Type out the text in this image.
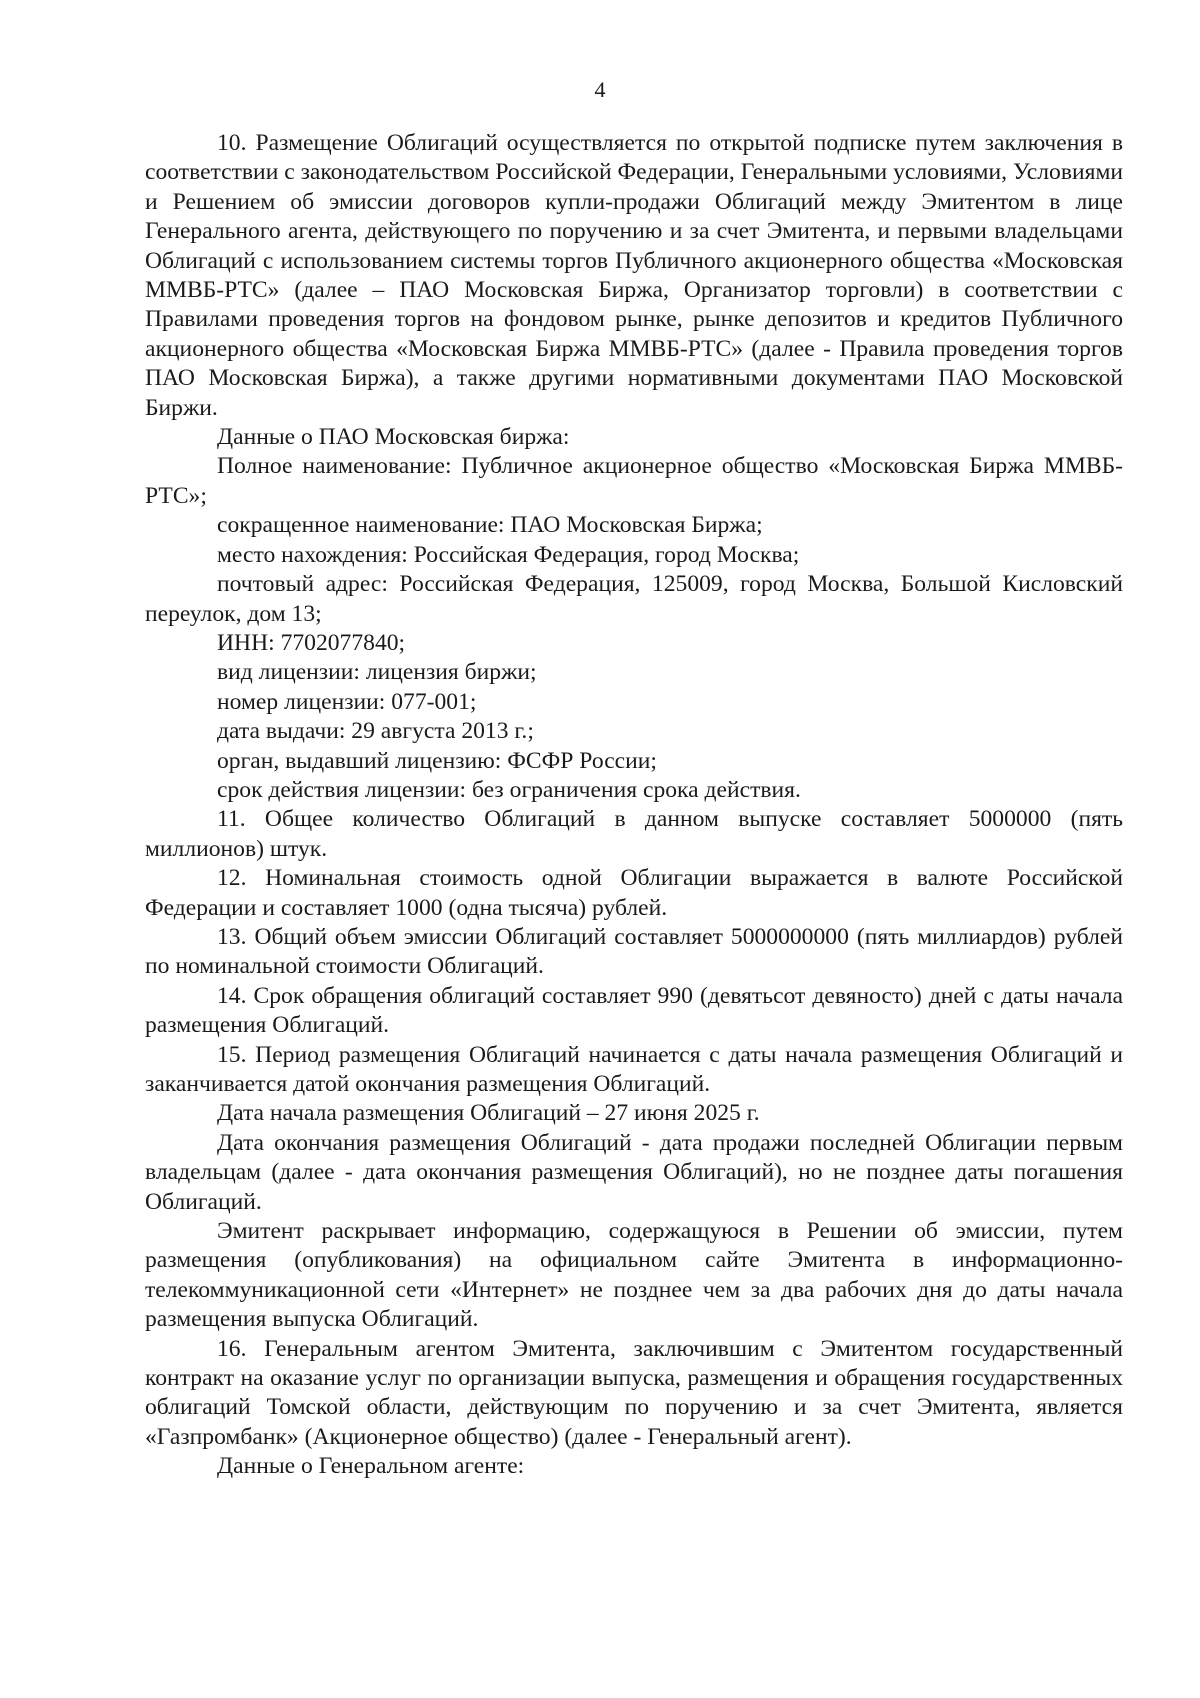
4

10. Размещение Облигаций осуществляется по открытой подписке путем заключения в соответствии с законодательством Российской Федерации, Генеральными условиями, Условиями и Решением об эмиссии договоров купли-продажи Облигаций между Эмитентом в лице Генерального агента, действующего по поручению и за счет Эмитента, и первыми владельцами Облигаций с использованием системы торгов Публичного акционерного общества «Московская ММВБ-РТС» (далее – ПАО Московская Биржа, Организатор торговли) в соответствии с Правилами проведения торгов на фондовом рынке, рынке депозитов и кредитов Публичного акционерного общества «Московская Биржа ММВБ-РТС» (далее - Правила проведения торгов ПАО Московская Биржа), а также другими нормативными документами ПАО Московской Биржи.

Данные о ПАО Московская биржа:

Полное наименование: Публичное акционерное общество «Московская Биржа ММВБ-РТС»;

сокращенное наименование: ПАО Московская Биржа;

место нахождения: Российская Федерация, город Москва;

почтовый адрес: Российская Федерация, 125009, город Москва, Большой Кисловский переулок, дом 13;

ИНН: 7702077840;

вид лицензии: лицензия биржи;

номер лицензии: 077-001;

дата выдачи: 29 августа 2013 г.;

орган, выдавший лицензию: ФСФР России;

срок действия лицензии: без ограничения срока действия.

11. Общее количество Облигаций в данном выпуске составляет 5000000 (пять миллионов) штук.

12. Номинальная стоимость одной Облигации выражается в валюте Российской Федерации и составляет 1000 (одна тысяча) рублей.

13. Общий объем эмиссии Облигаций составляет 5000000000 (пять миллиардов) рублей по номинальной стоимости Облигаций.

14. Срок обращения облигаций составляет 990 (девятьсот девяносто) дней с даты начала размещения Облигаций.

15. Период размещения Облигаций начинается с даты начала размещения Облигаций и заканчивается датой окончания размещения Облигаций.

Дата начала размещения Облигаций – 27 июня 2025 г.

Дата окончания размещения Облигаций - дата продажи последней Облигации первым владельцам (далее - дата окончания размещения Облигаций), но не позднее даты погашения Облигаций.

Эмитент раскрывает информацию, содержащуюся в Решении об эмиссии, путем размещения (опубликования) на официальном сайте Эмитента в информационно-телекоммуникационной сети «Интернет» не позднее чем за два рабочих дня до даты начала размещения выпуска Облигаций.

16. Генеральным агентом Эмитента, заключившим с Эмитентом государственный контракт на оказание услуг по организации выпуска, размещения и обращения государственных облигаций Томской области, действующим по поручению и за счет Эмитента, является «Газпромбанк» (Акционерное общество) (далее - Генеральный агент).

Данные о Генеральном агенте:
